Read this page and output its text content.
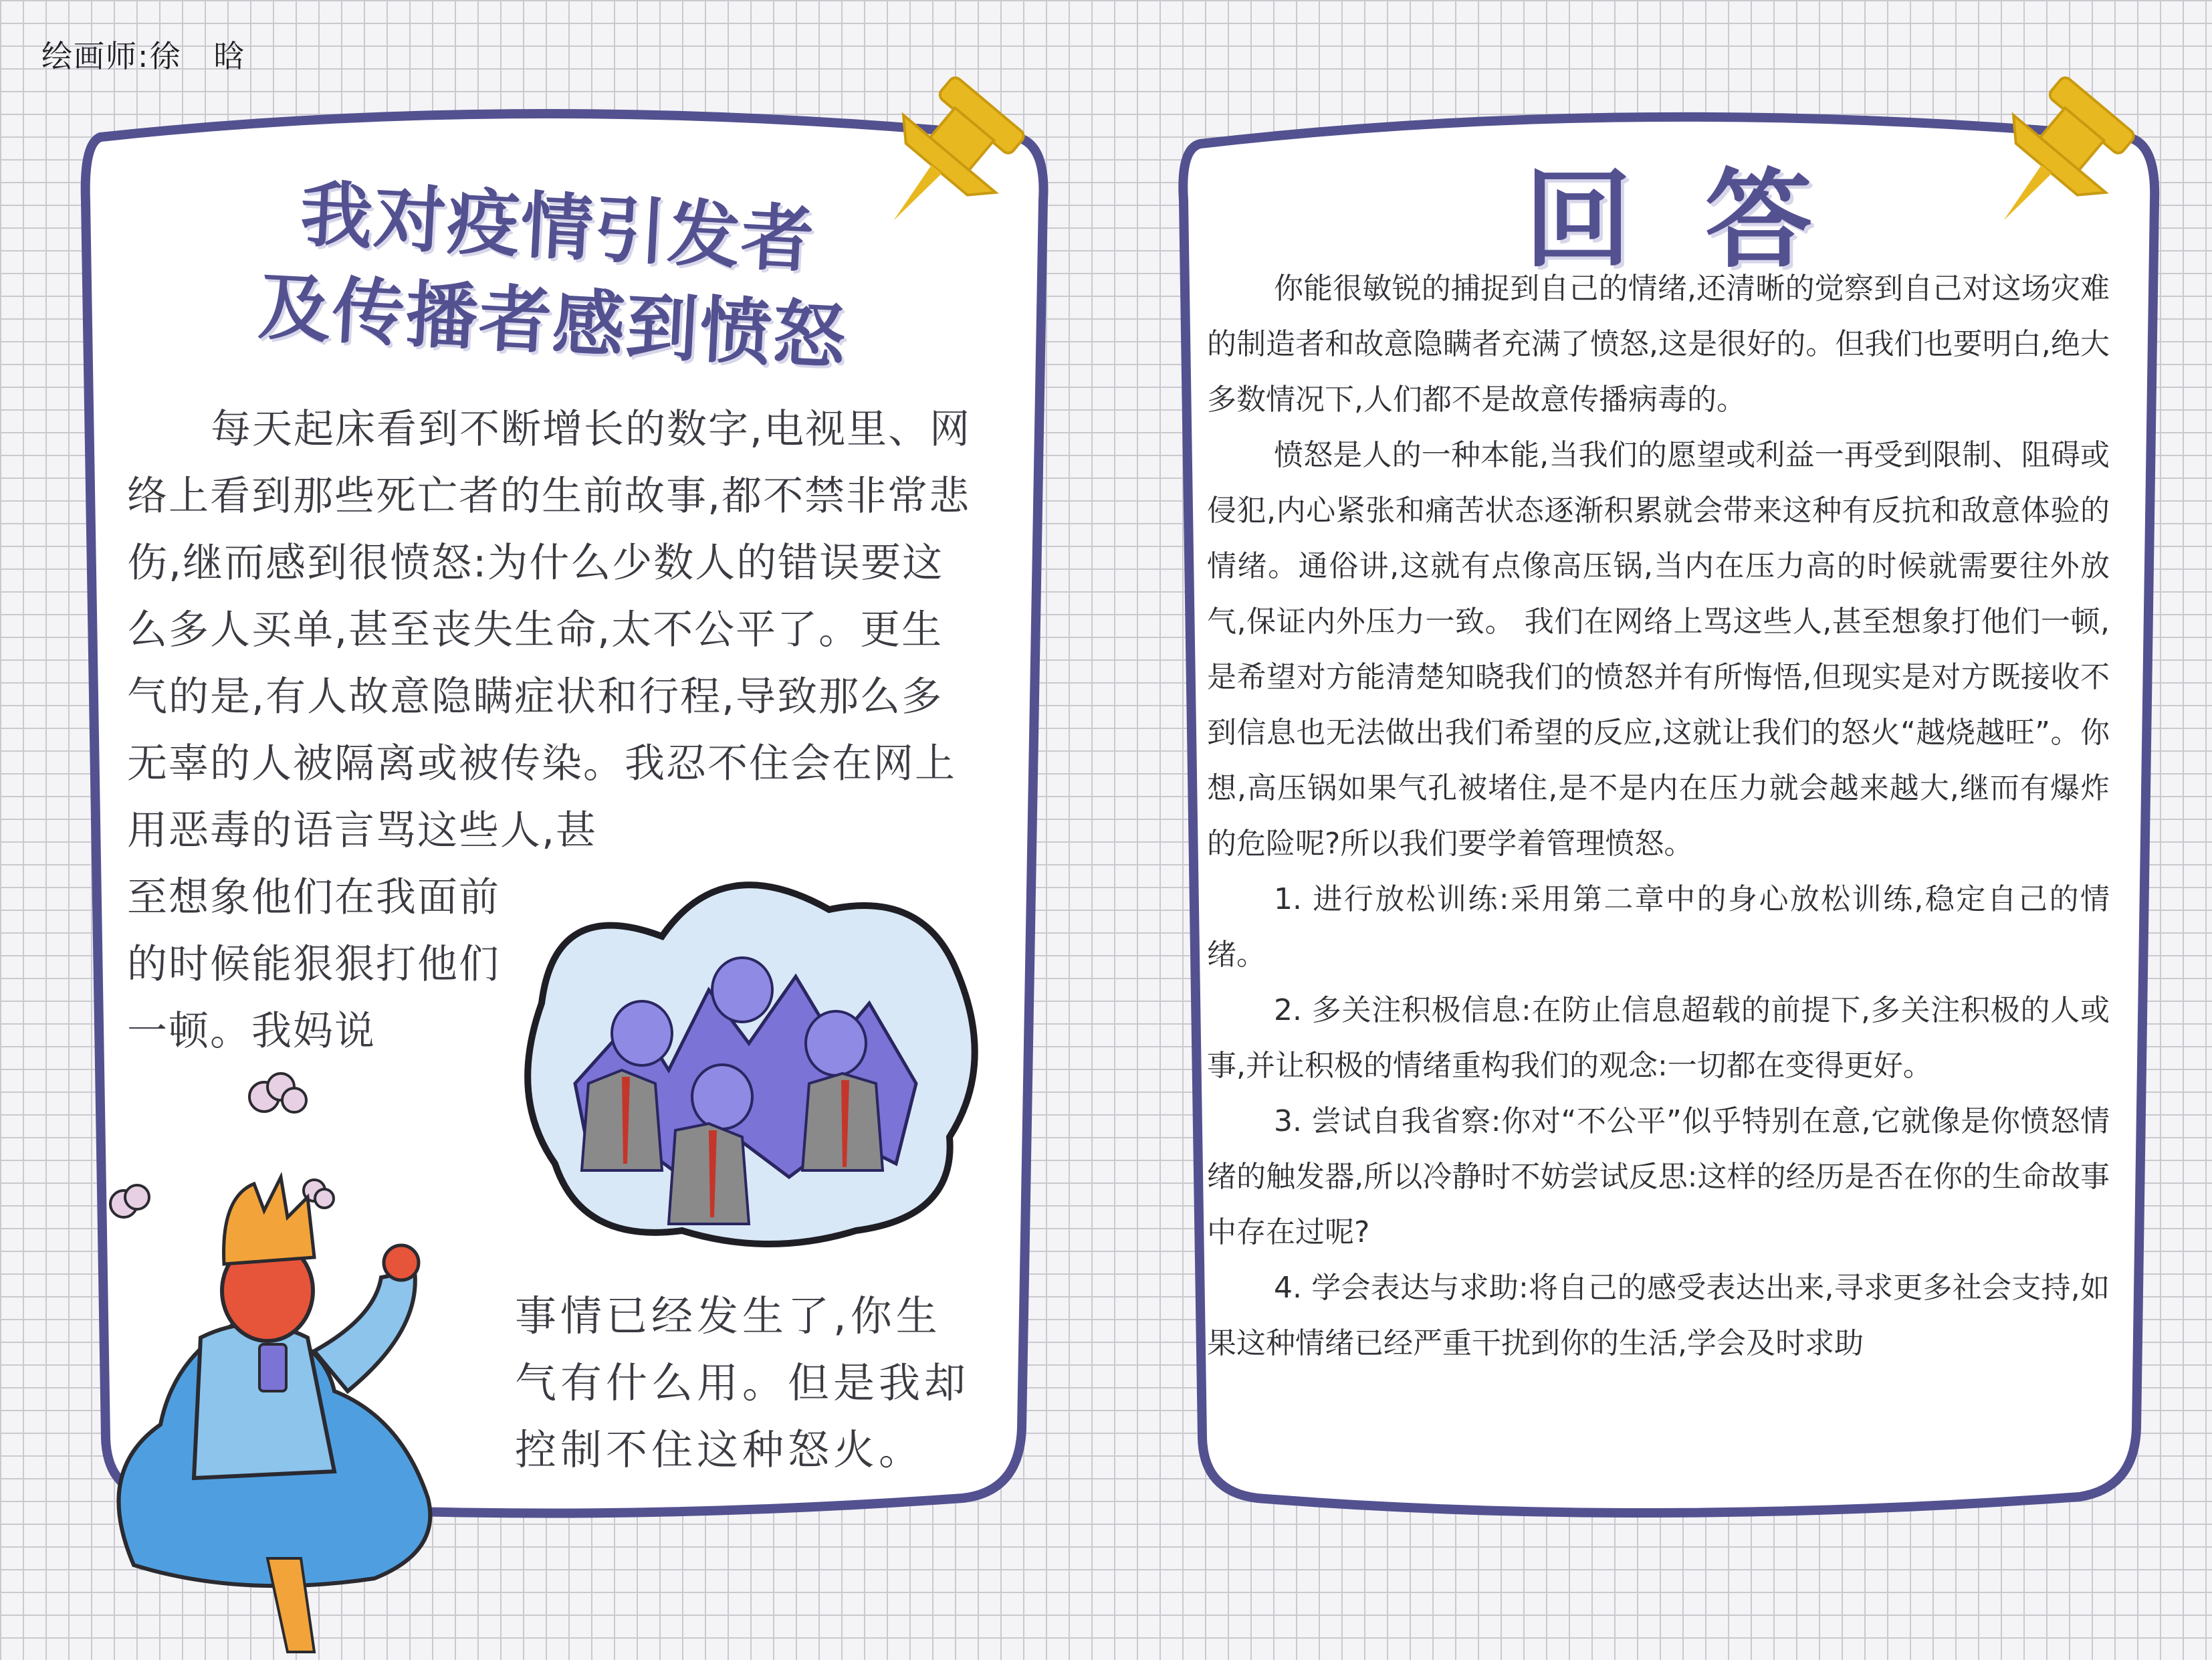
绘画师:徐　晗
我对疫情引发者
及传播者感到愤怒

每天起床看到不断增长的数字,电视里、网络上看到那些死亡者的生前故事,都不禁非常悲伤,继而感到很愤怒:为什么少数人的错误要这么多人买单,甚至丧失生命,太不公平了。更生气的是,有人故意隐瞒症状和行程,导致那么多无辜的人被隔离或被传染。我忍不住会在网上用恶毒的语言骂这些人,甚

至想象他们在我面前的时候能狠狠打他们一顿。我妈说
事情已经发生了,你生气有什么用。但是我却控制不住这种怒火。
回答

你能很敏锐的捕捉到自己的情绪,还清晰的觉察到自己对这场灾难的制造者和故意隐瞒者充满了愤怒,这是很好的。但我们也要明白,绝大多数情况下,人们都不是故意传播病毒的。

愤怒是人的一种本能,当我们的愿望或利益一再受到限制、阻碍或侵犯,内心紧张和痛苦状态逐渐积累就会带来这种有反抗和敌意体验的情绪。通俗讲,这就有点像高压锅,当内在压力高的时候就需要往外放气,保证内外压力一致。 我们在网络上骂这些人,甚至想象打他们一顿,是希望对方能清楚知晓我们的愤怒并有所悔悟,但现实是对方既接收不到信息也无法做出我们希望的反应,这就让我们的怒火“越烧越旺”。你想,高压锅如果气孔被堵住,是不是内在压力就会越来越大,继而有爆炸的危险呢?所以我们要学着管理愤怒。

1. 进行放松训练:采用第二章中的身心放松训练,稳定自己的情绪。

2. 多关注积极信息:在防止信息超载的前提下,多关注积极的人或事,并让积极的情绪重构我们的观念:一切都在变得更好。

3. 尝试自我省察:你对“不公平”似乎特别在意,它就像是你愤怒情绪的触发器,所以冷静时不妨尝试反思:这样的经历是否在你的生命故事中存在过呢?

4. 学会表达与求助:将自己的感受表达出来,寻求更多社会支持,如果这种情绪已经严重干扰到你的生活,学会及时求助
